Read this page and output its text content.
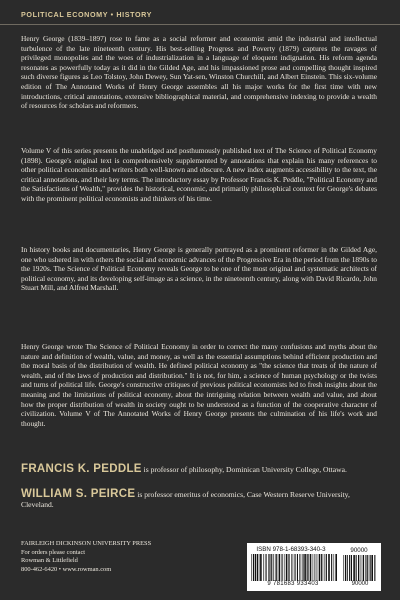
POLITICAL ECONOMY • HISTORY
Henry George (1839–1897) rose to fame as a social reformer and economist amid the industrial and intellectual turbulence of the late nineteenth century. His best-selling Progress and Poverty (1879) captures the ravages of privileged monopolies and the woes of industrialization in a language of eloquent indignation. His reform agenda resonates as powerfully today as it did in the Gilded Age, and his impassioned prose and compelling thought inspired such diverse figures as Leo Tolstoy, John Dewey, Sun Yat-sen, Winston Churchill, and Albert Einstein. This six-volume edition of The Annotated Works of Henry George assembles all his major works for the first time with new introductions, critical annotations, extensive bibliographical material, and comprehensive indexing to provide a wealth of resources for scholars and reformers.
Volume V of this series presents the unabridged and posthumously published text of The Science of Political Economy (1898). George's original text is comprehensively supplemented by annotations that explain his many references to other political economists and writers both well-known and obscure. A new index augments accessibility to the text, the critical annotations, and their key terms. The introductory essay by Professor Francis K. Peddle, "Political Economy and the Satisfactions of Wealth," provides the historical, economic, and primarily philosophical context for George's debates with the prominent political economists and thinkers of his time.
In history books and documentaries, Henry George is generally portrayed as a prominent reformer in the Gilded Age, one who ushered in with others the social and economic advances of the Progressive Era in the period from the 1890s to the 1920s. The Science of Political Economy reveals George to be one of the most original and systematic architects of political economy, and its developing self-image as a science, in the nineteenth century, along with David Ricardo, John Stuart Mill, and Alfred Marshall.
Henry George wrote The Science of Political Economy in order to correct the many confusions and myths about the nature and definition of wealth, value, and money, as well as the essential assumptions behind efficient production and the moral basis of the distribution of wealth. He defined political economy as "the science that treats of the nature of wealth, and of the laws of production and distribution." It is not, for him, a science of human psychology or the twists and turns of political life. George's constructive critiques of previous political economists led to fresh insights about the meaning and the limitations of political economy, about the intriguing relation between wealth and value, and about how the proper distribution of wealth in society ought to be understood as a function of the cooperative character of civilization. Volume V of The Annotated Works of Henry George presents the culmination of his life's work and thought.
FRANCIS K. PEDDLE is professor of philosophy, Dominican University College, Ottawa.
WILLIAM S. PEIRCE is professor emeritus of economics, Case Western Reserve University, Cleveland.
FAIRLEIGH DICKINSON UNIVERSITY PRESS
For orders please contact
Rowman & Littlefield
800-462-6420 • www.rowman.com
ISBN 978-1-68393-340-3	90000
9 781683 933403	90000
